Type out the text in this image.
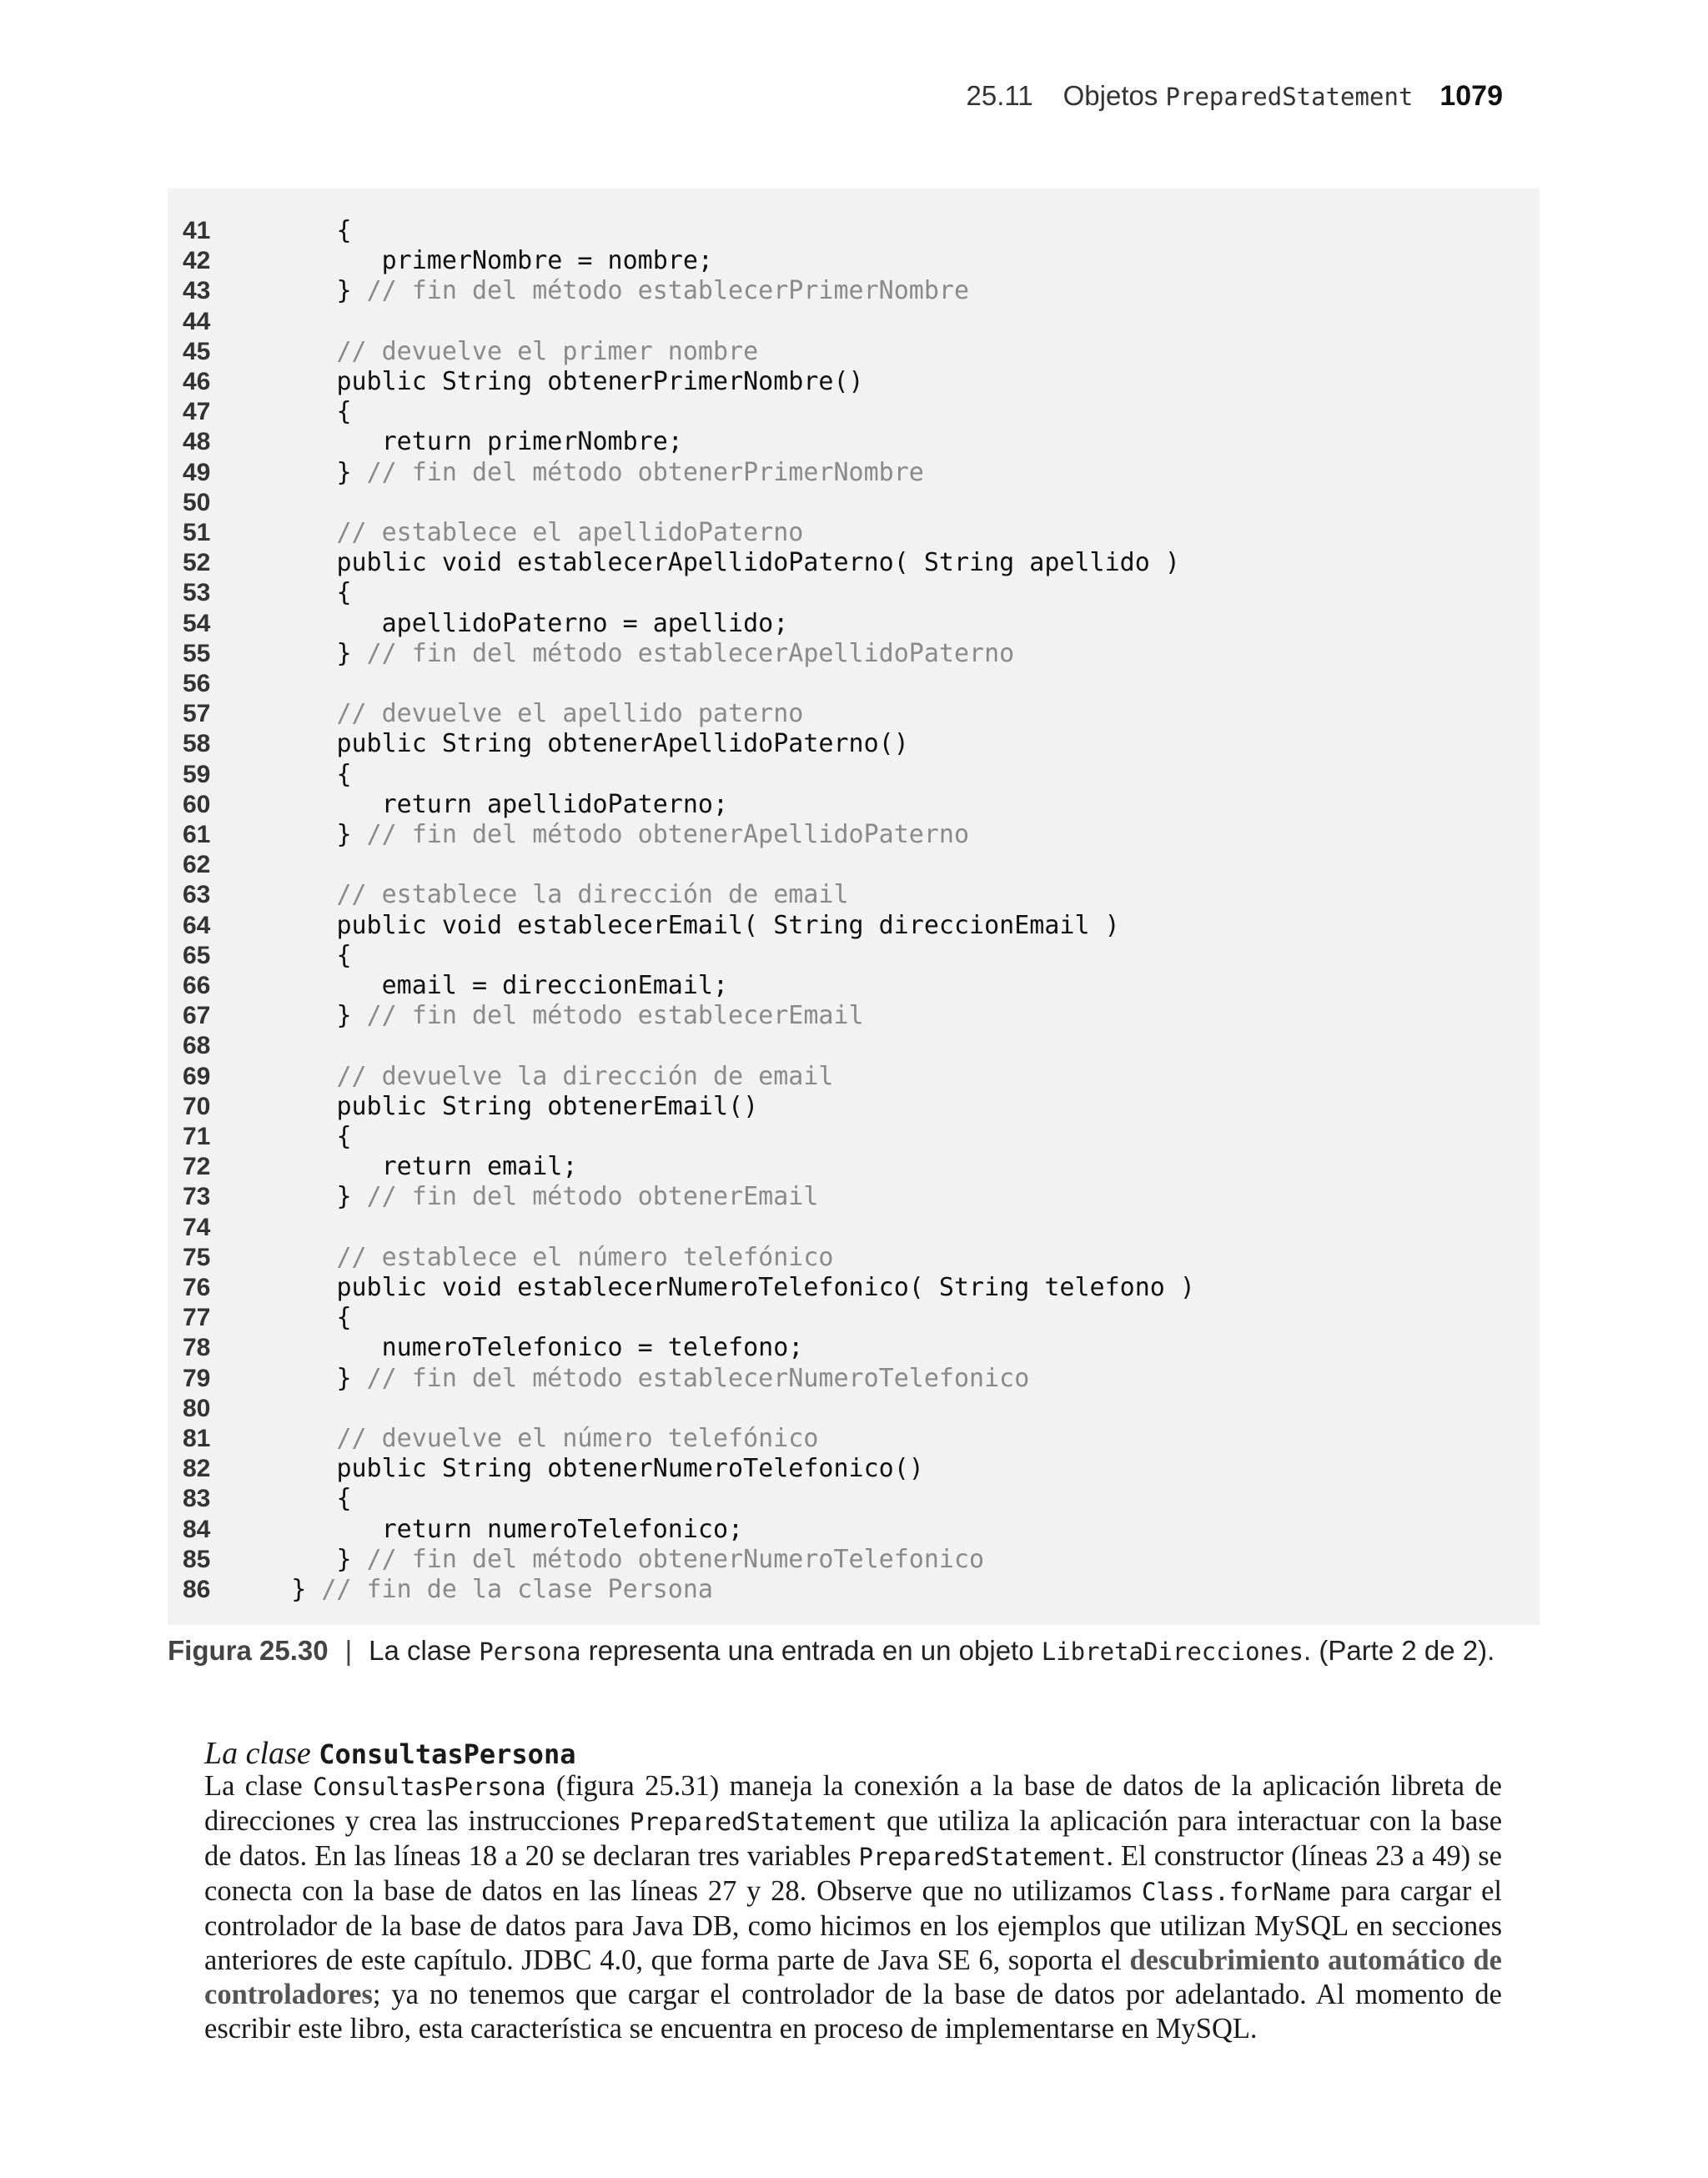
25.11 Objetos PreparedStatement 1079
41	{
42	primerNombre = nombre;
43	} // fin del método establecerPrimerNombre
44
45	// devuelve el primer nombre
46	public String obtenerPrimerNombre()
47	{
48	return primerNombre;
49	} // fin del método obtenerPrimerNombre
50
51	// establece el apellidoPaterno
52	public void establecerApellidoPaterno( String apellido )
53	{
54	apellidoPaterno = apellido;
55	} // fin del método establecerApellidoPaterno
56
57	// devuelve el apellido paterno
58	public String obtenerApellidoPaterno()
59	{
60	return apellidoPaterno;
61	} // fin del método obtenerApellidoPaterno
62
63	// establece la dirección de email
64	public void establecerEmail( String direccionEmail )
65	{
66	email = direccionEmail;
67	} // fin del método establecerEmail
68
69	// devuelve la dirección de email
70	public String obtenerEmail()
71	{
72	return email;
73	} // fin del método obtenerEmail
74
75	// establece el número telefónico
76	public void establecerNumeroTelefonico( String telefono )
77	{
78	numeroTelefonico = telefono;
79	} // fin del método establecerNumeroTelefonico
80
81	// devuelve el número telefónico
82	public String obtenerNumeroTelefonico()
83	{
84	return numeroTelefonico;
85	} // fin del método obtenerNumeroTelefonico
86	} // fin de la clase Persona
Figura 25.30 | La clase Persona representa una entrada en un objeto LibretaDirecciones. (Parte 2 de 2).
La clase ConsultasPersona
La clase ConsultasPersona (figura 25.31) maneja la conexión a la base de datos de la aplicación libreta de direcciones y crea las instrucciones PreparedStatement que utiliza la aplicación para interactuar con la base de datos. En las líneas 18 a 20 se declaran tres variables PreparedStatement. El constructor (líneas 23 a 49) se conecta con la base de datos en las líneas 27 y 28. Observe que no utilizamos Class.forName para cargar el controlador de la base de datos para Java DB, como hicimos en los ejemplos que utilizan MySQL en secciones anteriores de este capítulo. JDBC 4.0, que forma parte de Java SE 6, soporta el descubrimiento automático de controladores; ya no tenemos que cargar el controlador de la base de datos por adelantado. Al momento de escribir este libro, esta característica se encuentra en proceso de implementarse en MySQL.
